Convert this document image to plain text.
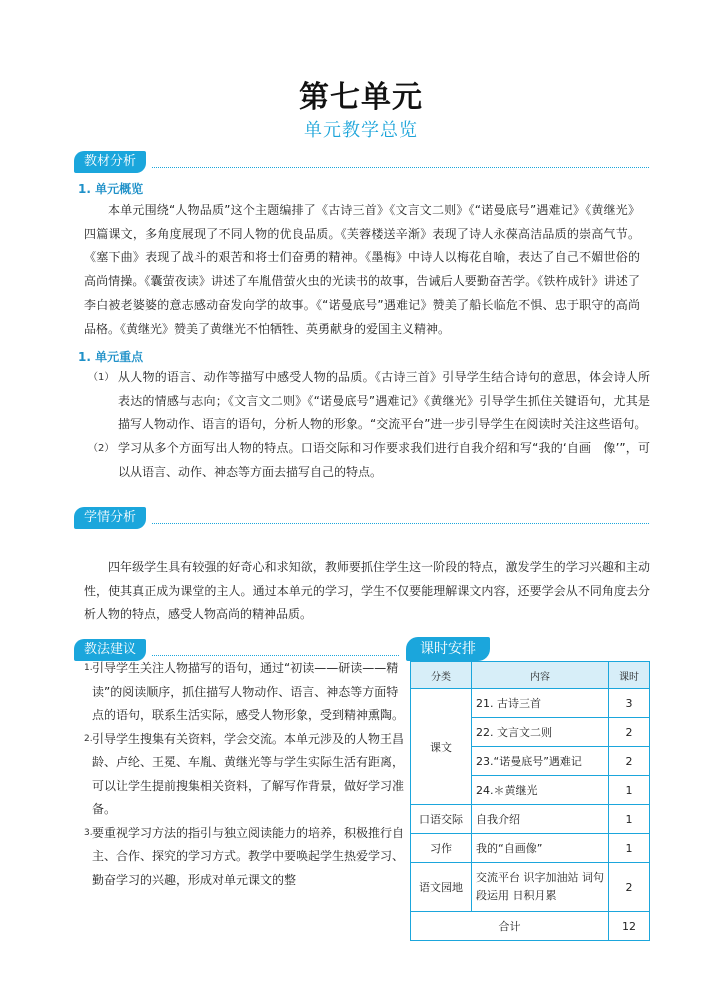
第七单元
单元教学总览
教材分析
1. 单元概览
本单元围绕“人物品质”这个主题编排了《古诗三首》《文言文二则》《“诺曼底号”遇难记》《黄继光》四篇课文，多角度展现了不同人物的优良品质。《芙蓉楼送辛渐》表现了诗人永葆高洁品质的崇高气节。《塞下曲》表现了战斗的艰苦和将士们奋勇的精神。《墨梅》中诗人以梅花自喻，表达了自己不媚世俗的高尚情操。《囊萤夜读》讲述了车胤借萤火虫的光读书的故事，告诫后人要勤奋苦学。《铁杵成针》讲述了李白被老婆婆的意志感动奋发向学的故事。《“诺曼底号”遇难记》赞美了船长临危不惧、忠于职守的高尚品格。《黄继光》赞美了黄继光不怕牺牲、英勇献身的爱国主义精神。
1. 单元重点
（1） 从人物的语言、动作等描写中感受人物的品质。《古诗三首》引导学生结合诗句的意思，体会诗人所表达的情感与志向；《文言文二则》《“诺曼底号”遇难记》《黄继光》引导学生抓住关键语句，尤其是描写人物动作、语言的语句，分析人物的形象。“交流平台”进一步引导学生在阅读时关注这些语句。
（2） 学习从多个方面写出人物的特点。口语交际和习作要求我们进行自我介绍和写“我的‘自画　像’”，可以从语言、动作、神态等方面去描写自己的特点。
学情分析
四年级学生具有较强的好奇心和求知欲，教师要抓住学生这一阶段的特点，激发学生的学习兴趣和主动性，使其真正成为课堂的主人。通过本单元的学习，学生不仅要能理解课文内容，还要学会从不同角度去分析人物的特点，感受人物高尚的精神品质。
教法建议
1. 引导学生关注人物描写的语句，通过“初读——研读——精读”的阅读顺序，抓住描写人物动作、语言、神态等方面特点的语句，联系生活实际，感受人物形象，受到精神熏陶。
2. 引导学生搜集有关资料，学会交流。本单元涉及的人物王昌龄、卢纶、王冕、车胤、黄继光等与学生实际生活有距离，可以让学生提前搜集相关资料，了解写作背景，做好学习准备。
3. 要重视学习方法的指引与独立阅读能力的培养，积极推行自主、合作、探究的学习方式。教学中要唤起学生热爱学习、勤奋学习的兴趣，形成对单元课文的整
课时安排
分类	内容	课时
课文	21. 古诗三首	3
	22. 文言文二则	2
	23.“诺曼底号”遇难记	2
	24.＊黄继光	1
口语交际	自我介绍	1
习作	我的“自画像”	1
语文园地	交流平台 识字加油站 词句段运用 日积月累	2
合计		12
